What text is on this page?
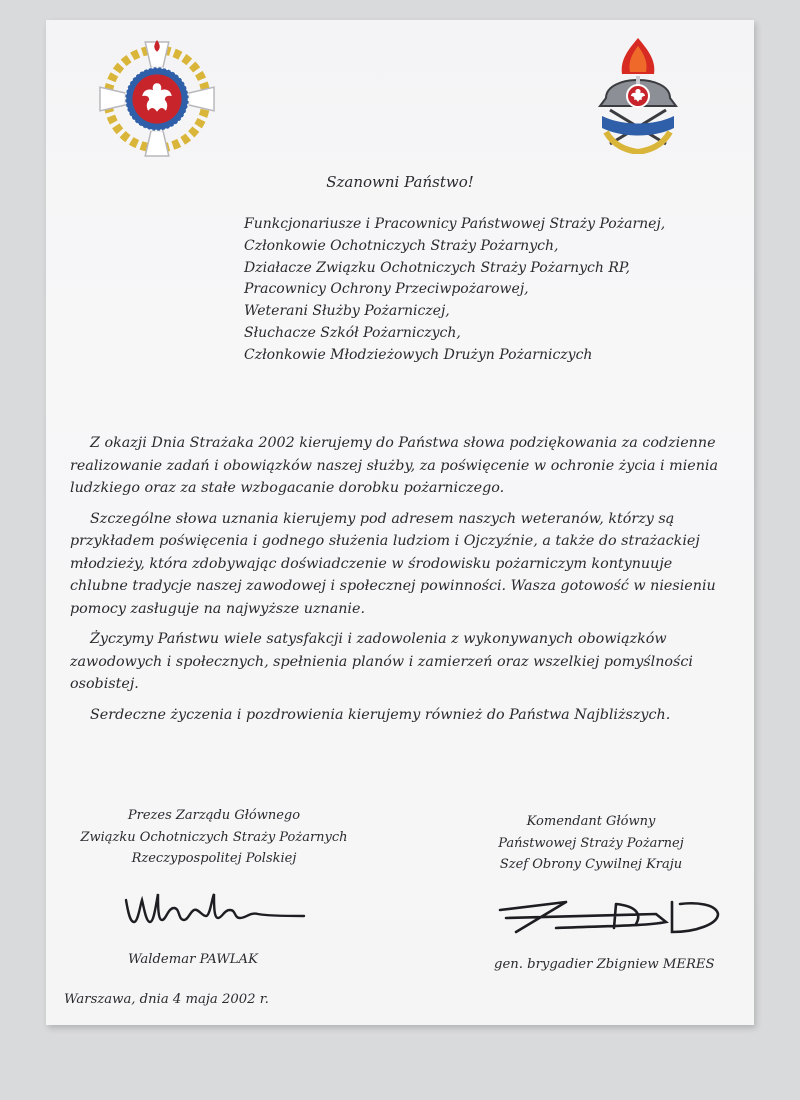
Szanowni Państwo!
Funkcjonariusze i Pracownicy Państwowej Straży Pożarnej,
Członkowie Ochotniczych Straży Pożarnych,
Działacze Związku Ochotniczych Straży Pożarnych RP,
Pracownicy Ochrony Przeciwpożarowej,
Weterani Służby Pożarniczej,
Słuchacze Szkół Pożarniczych,
Członkowie Młodzieżowych Drużyn Pożarniczych

Z okazji Dnia Strażaka 2002 kierujemy do Państwa słowa podziękowania za codzienne realizowanie zadań i obowiązków naszej służby, za poświęcenie w ochronie życia i mienia ludzkiego oraz za stałe wzbogacanie dorobku pożarniczego.

Szczególne słowa uznania kierujemy pod adresem naszych weteranów, którzy są przykładem poświęcenia i godnego służenia ludziom i Ojczyźnie, a także do strażackiej młodzieży, która zdobywając doświadczenie w środowisku pożarniczym kontynuuje chlubne tradycje naszej zawodowej i społecznej powinności. Wasza gotowość w niesieniu pomocy zasługuje na najwyższe uznanie.

Życzymy Państwu wiele satysfakcji i zadowolenia z wykonywanych obowiązków zawodowych i społecznych, spełnienia planów i zamierzeń oraz wszelkiej pomyślności osobistej.

Serdeczne życzenia i pozdrowienia kierujemy również do Państwa Najbliższych.

Prezes Zarządu Głównego
Związku Ochotniczych Straży Pożarnych
Rzeczypospolitej Polskiej
Komendant Główny
Państwowej Straży Pożarnej
Szef Obrony Cywilnej Kraju
Waldemar PAWLAK	gen. brygadier Zbigniew MERES
Warszawa, dnia 4 maja 2002 r.
